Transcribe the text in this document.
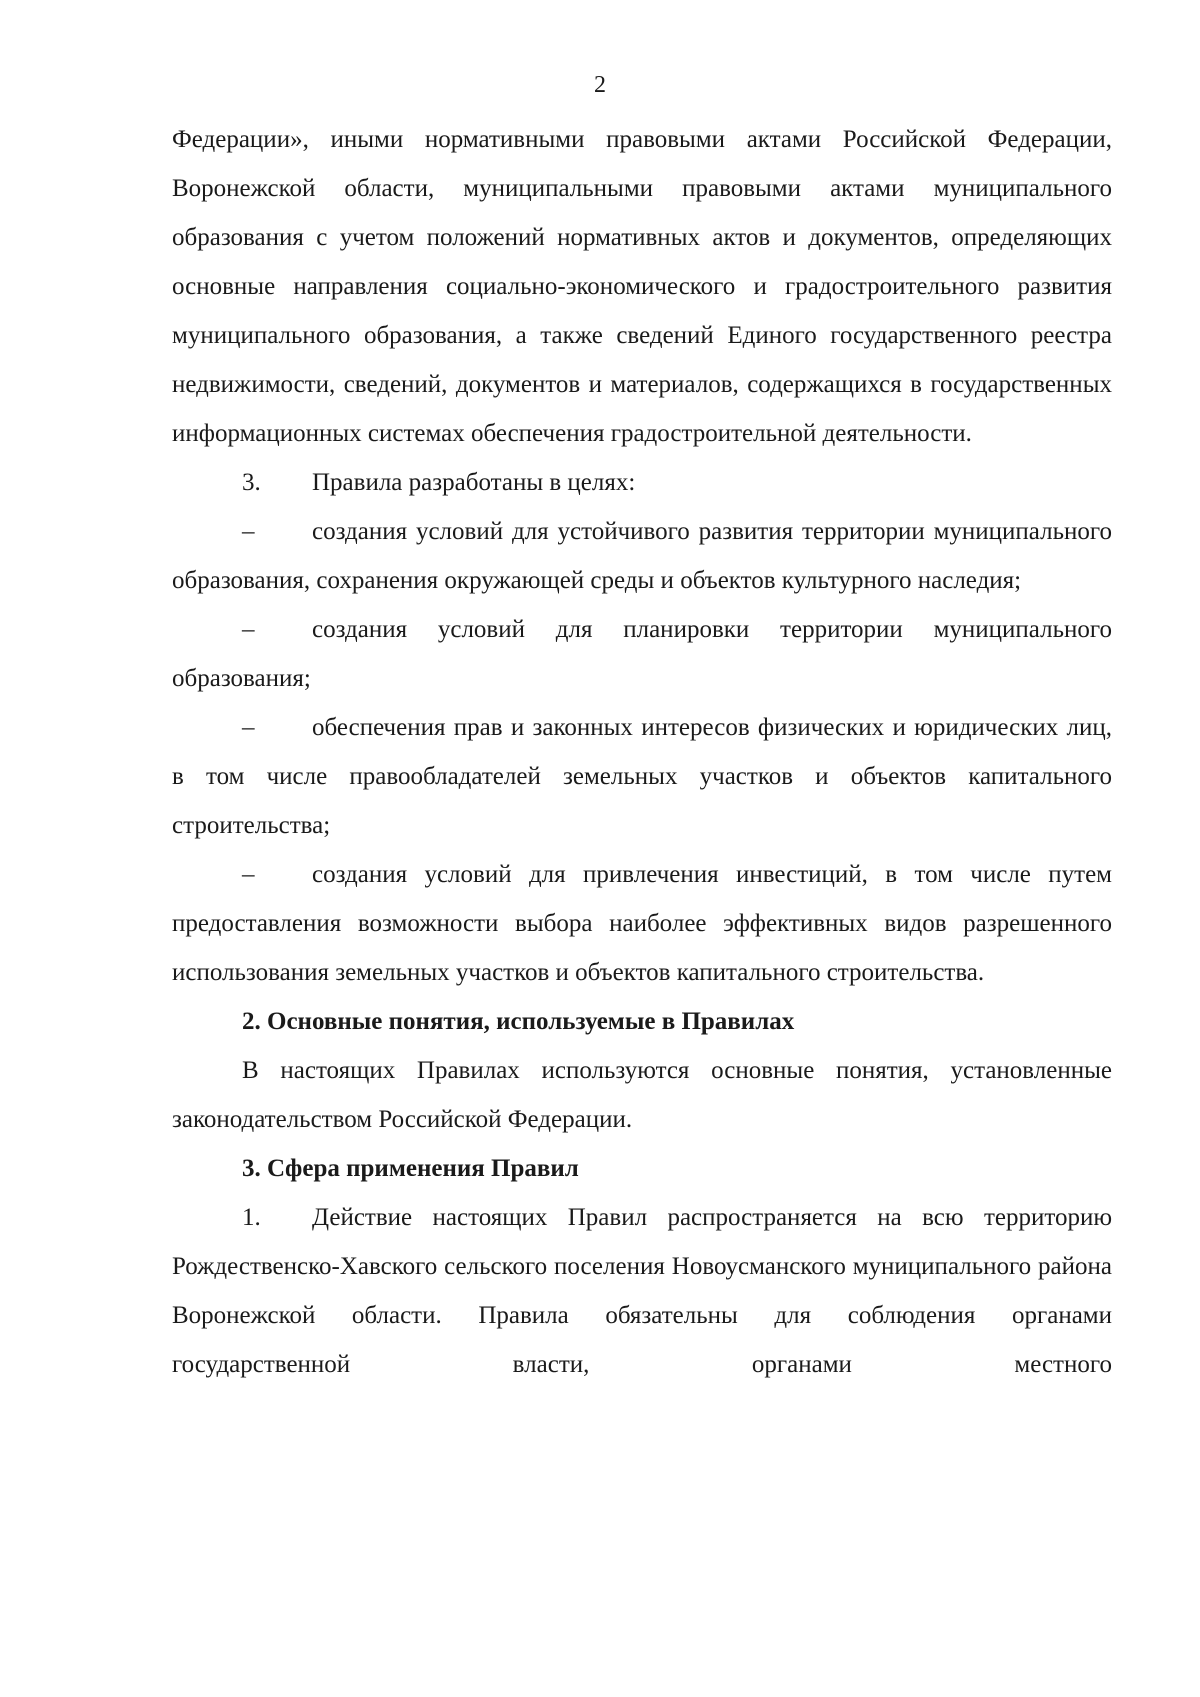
2

Федерации», иными нормативными правовыми актами Российской Федерации, Воронежской области, муниципальными правовыми актами муниципального образования с учетом положений нормативных актов и документов, определяющих основные направления социально-экономического и градостроительного развития муниципального образования, а также сведений Единого государственного реестра недвижимости, сведений, документов и материалов, содержащихся в государственных информационных системах обеспечения градостроительной деятельности.

3. Правила разработаны в целях:

– создания условий для устойчивого развития территории муниципального образования, сохранения окружающей среды и объектов культурного наследия;

– создания условий для планировки территории муниципального образования;

– обеспечения прав и законных интересов физических и юридических лиц, в том числе правообладателей земельных участков и объектов капитального строительства;

– создания условий для привлечения инвестиций, в том числе путем предоставления возможности выбора наиболее эффективных видов разрешенного использования земельных участков и объектов капитального строительства.

2. Основные понятия, используемые в Правилах

В настоящих Правилах используются основные понятия, установленные законодательством Российской Федерации.

3. Сфера применения Правил

1. Действие настоящих Правил распространяется на всю территорию Рождественско-Хавского сельского поселения Новоусманского муниципального района Воронежской области. Правила обязательны для соблюдения органами государственной власти, органами местного
